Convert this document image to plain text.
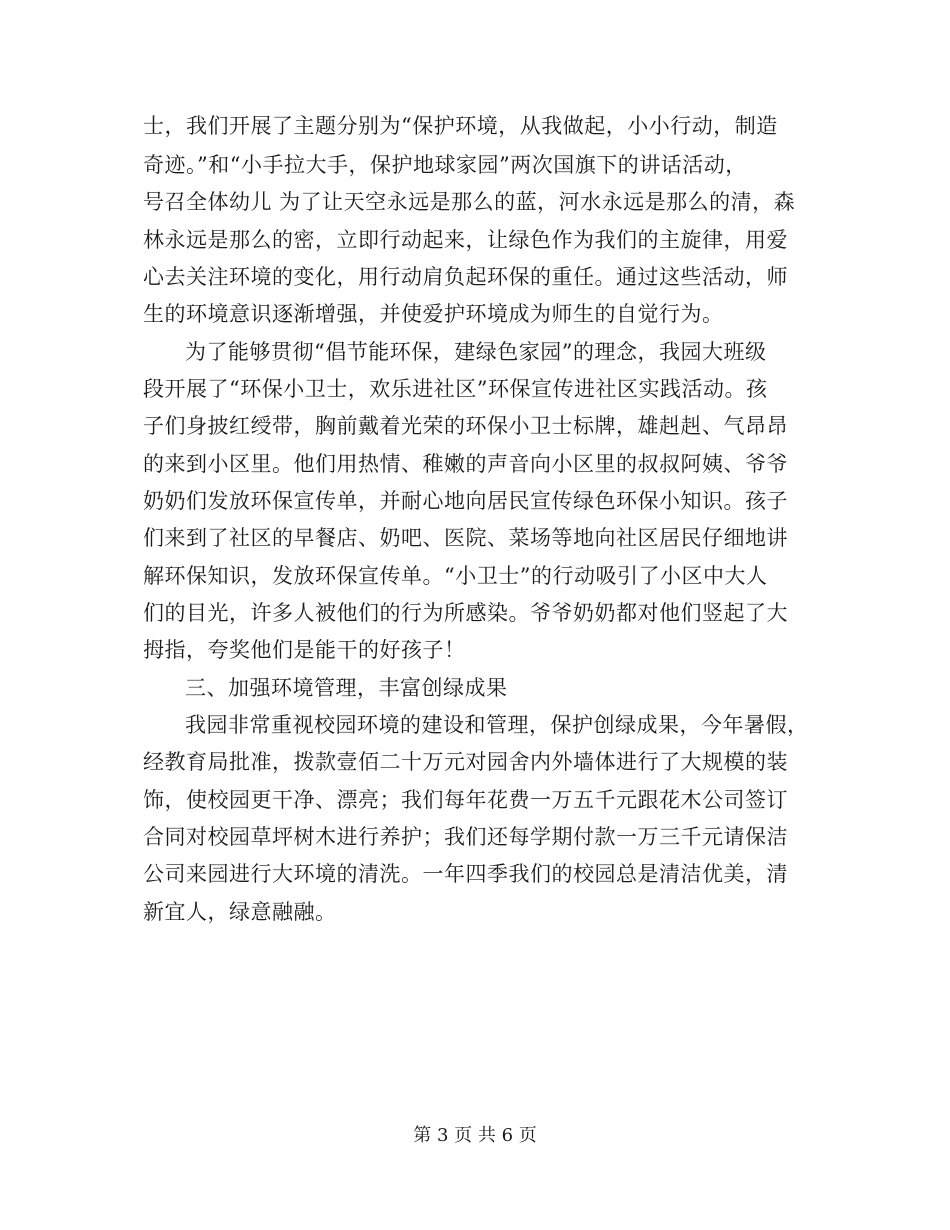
士，我们开展了主题分别为“保护环境，从我做起，小小行动，制造
奇迹。”和“小手拉大手，保护地球家园”两次国旗下的讲话活动，
号召全体幼儿 为了让天空永远是那么的蓝，河水永远是那么的清，森
林永远是那么的密，立即行动起来，让绿色作为我们的主旋律，用爱
心去关注环境的变化，用行动肩负起环保的重任。通过这些活动，师
生的环境意识逐渐增强，并使爱护环境成为师生的自觉行为。
为了能够贯彻“倡节能环保，建绿色家园”的理念，我园大班级
段开展了“环保小卫士，欢乐进社区”环保宣传进社区实践活动。孩
子们身披红绶带，胸前戴着光荣的环保小卫士标牌，雄赳赳、气昂昂
的来到小区里。他们用热情、稚嫩的声音向小区里的叔叔阿姨、爷爷
奶奶们发放环保宣传单，并耐心地向居民宣传绿色环保小知识。孩子
们来到了社区的早餐店、奶吧、医院、菜场等地向社区居民仔细地讲
解环保知识，发放环保宣传单。“小卫士”的行动吸引了小区中大人
们的目光，许多人被他们的行为所感染。爷爷奶奶都对他们竖起了大
拇指，夸奖他们是能干的好孩子！
三、加强环境管理，丰富创绿成果
我园非常重视校园环境的建设和管理，保护创绿成果，今年暑假，
经教育局批准，拨款壹佰二十万元对园舍内外墙体进行了大规模的装
饰，使校园更干净、漂亮；我们每年花费一万五千元跟花木公司签订
合同对校园草坪树木进行养护；我们还每学期付款一万三千元请保洁
公司来园进行大环境的清洗。一年四季我们的校园总是清洁优美，清
新宜人，绿意融融。
第 3 页 共 6 页
